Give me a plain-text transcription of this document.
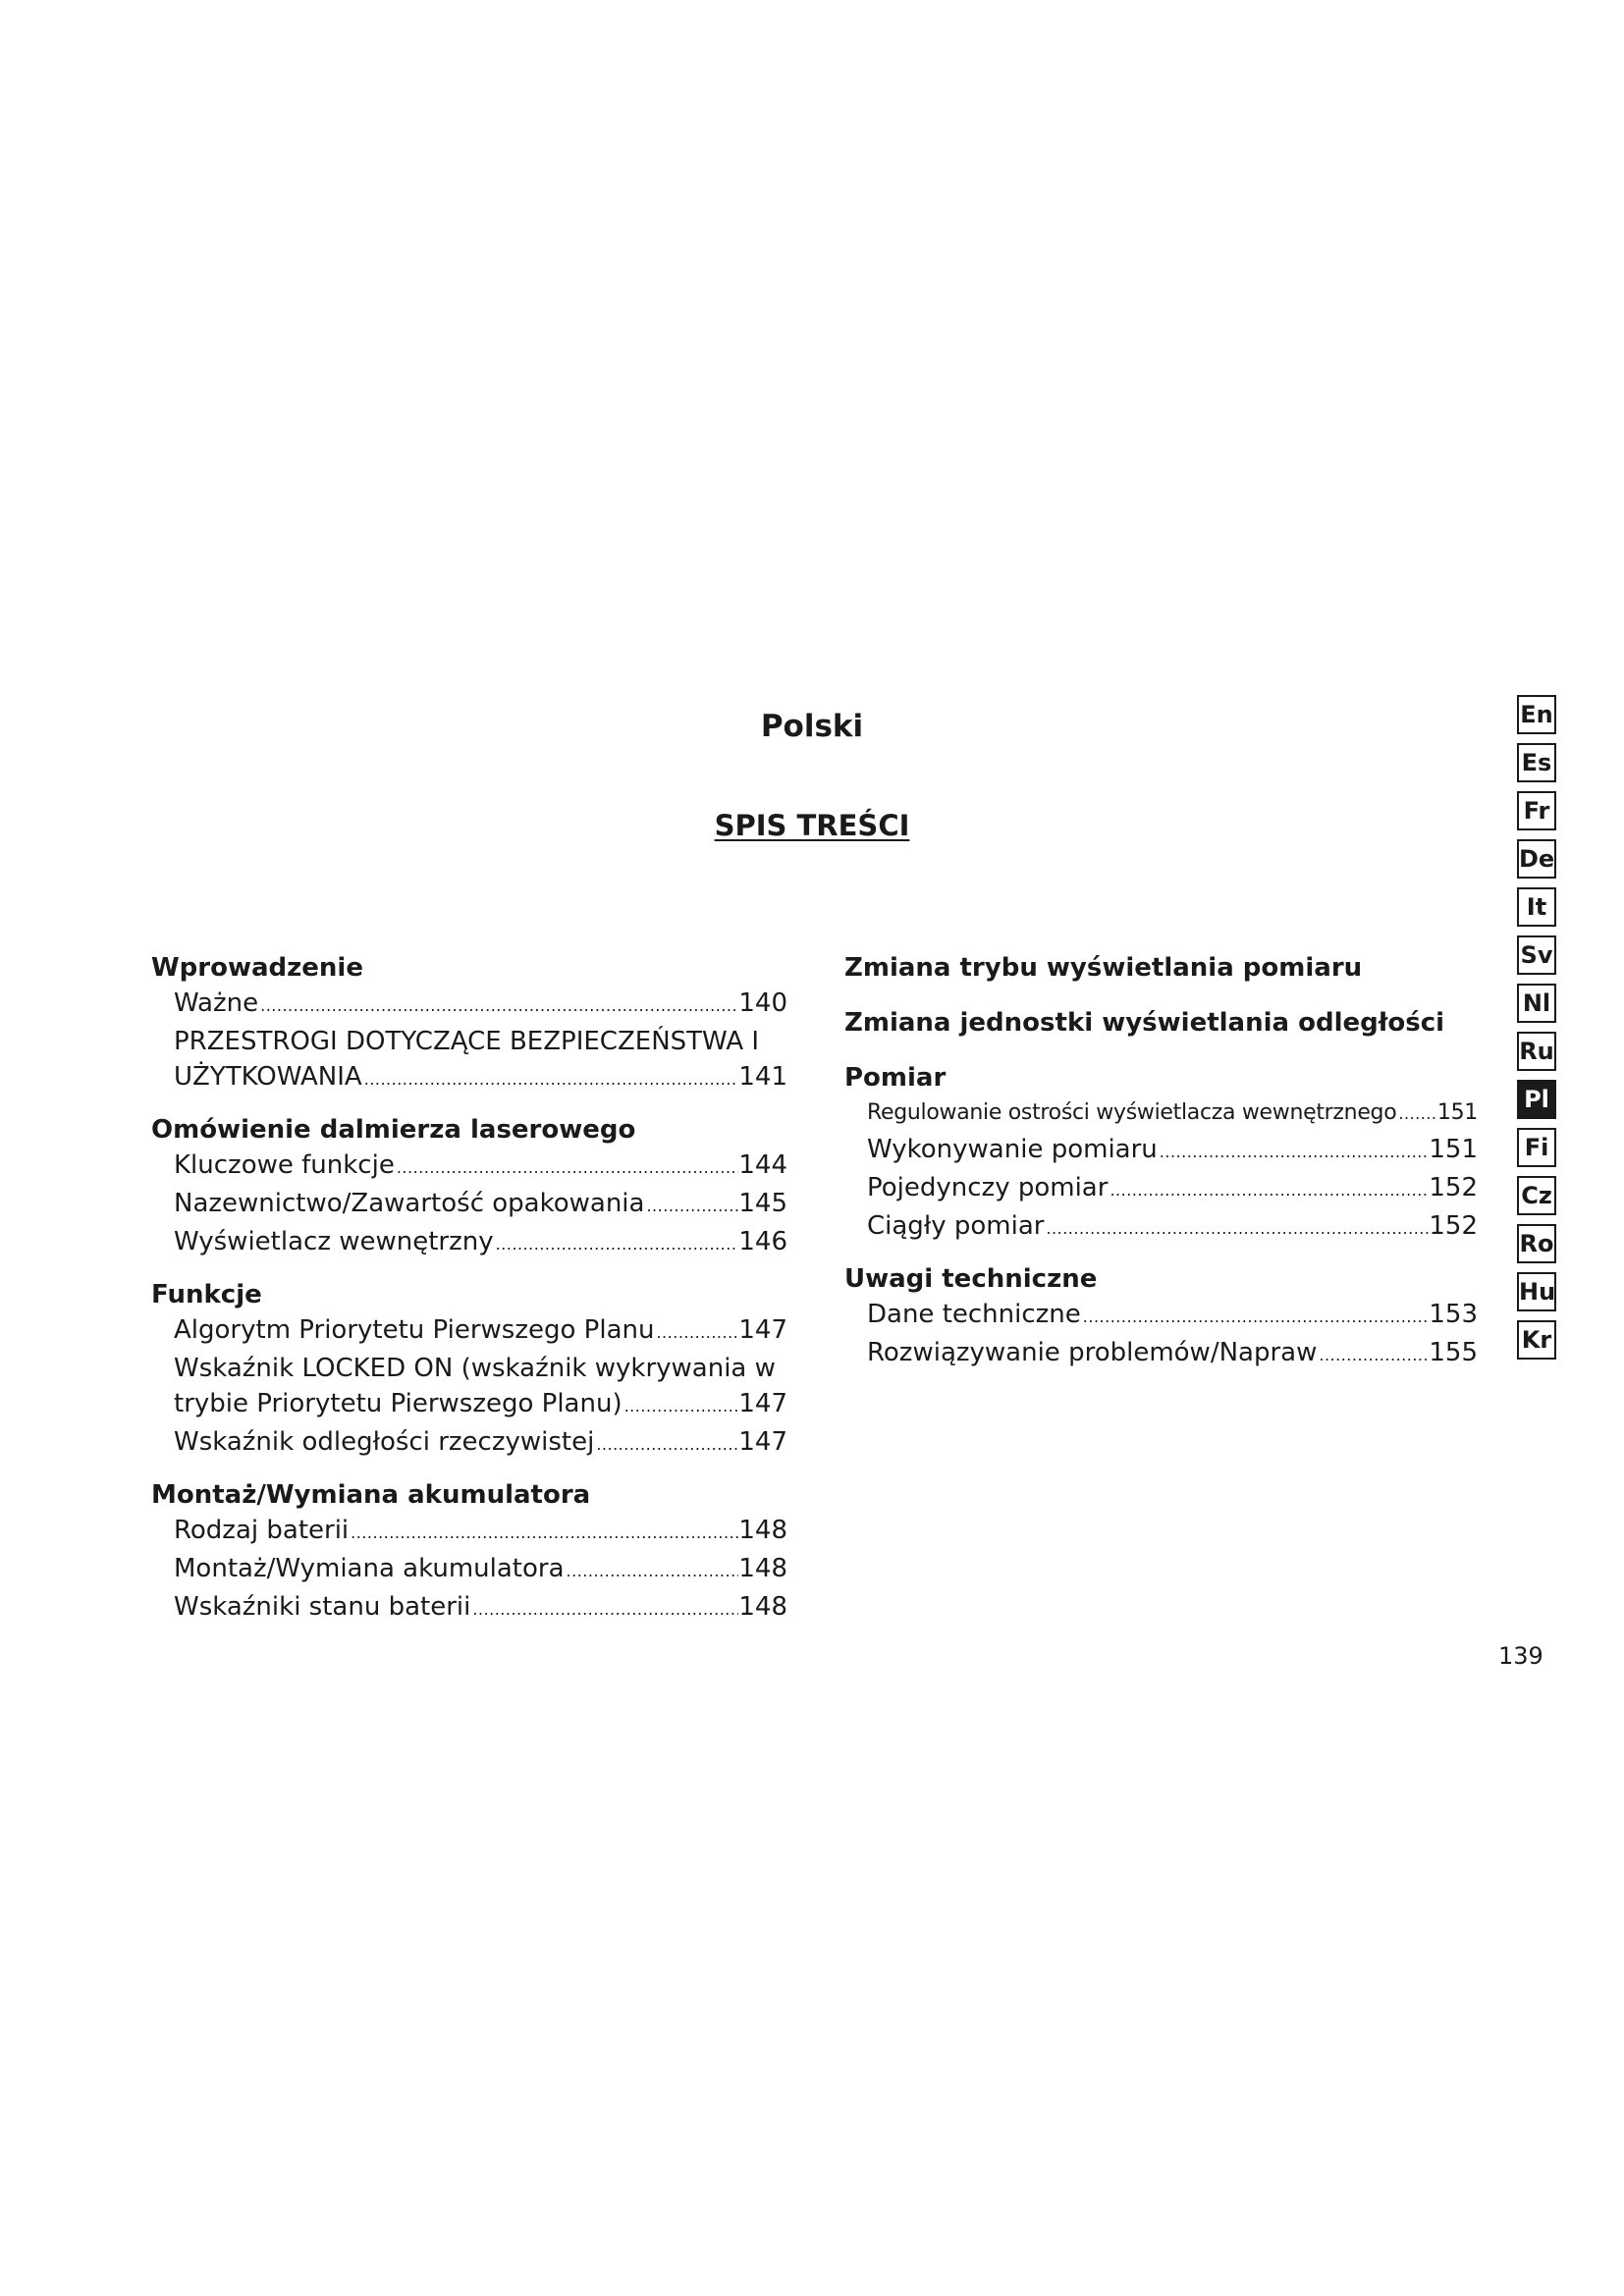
Polski
SPIS TREŚCI
Wprowadzenie
Ważne .....	140
PRZESTROGI DOTYCZĄCE BEZPIECZEŃSTWA I
UŻYTKOWANIA .....	141
Omówienie dalmierza laserowego
Kluczowe funkcje .....	144
Nazewnictwo/Zawartość opakowania .....	145
Wyświetlacz wewnętrzny .....	146
Funkcje
Algorytm Priorytetu Pierwszego Planu .....	147
Wskaźnik LOCKED ON (wskaźnik wykrywania w
trybie Priorytetu Pierwszego Planu) .....	147
Wskaźnik odległości rzeczywistej .....	147
Montaż/Wymiana akumulatora
Rodzaj baterii .....	148
Montaż/Wymiana akumulatora .....	148
Wskaźniki stanu baterii .....	148
Zmiana trybu wyświetlania pomiaru
Zmiana jednostki wyświetlania odległości
Pomiar
Regulowanie ostrości wyświetlacza wewnętrznego ..... 151
Wykonywanie pomiaru .....	151
Pojedynczy pomiar .....	152
Ciągły pomiar .....	152
Uwagi techniczne
Dane techniczne .....	153
Rozwiązywanie problemów/Napraw .....	155
En
Es
Fr
De
It
Sv
Nl
Ru
Pl
Fi
Cz
Ro
Hu
Kr
139
